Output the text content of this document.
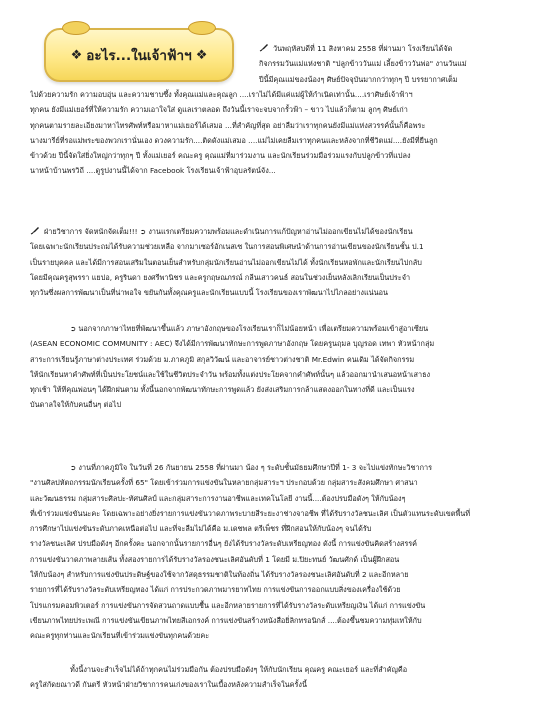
❖ อะไร...ในเจ้าฟ้าฯ ❖	วันพฤหัสบดีที่ 11 สิงหาคม 2558 ที่ผ่านมา โรงเรียนได้จัด
กิจกรรมวันแม่แห่งชาติ "ปลูกข้าววันแม่ เลี้ยงข้าววันพ่อ" งานวันแม่
ปีนี้มีคุณแม่ของน้องๆ ศิษย์ปัจจุบันมากกว่าทุกๆ ปี บรรยากาศเต็ม
ไปด้วยความรัก ความอบอุ่น และความชาบซึ้ง ทั้งคุณแม่และคุณลูก ....เราไม่ได้มีแค่แม่ผู้ให้กำเนิดเท่านั้น....เราศิษย์เจ้าฟ้าฯ
ทุกคน ยังมีแม่เยอร์ที่ให้ความรัก ความเอาใจใส่ ดูแลเราตลอด ถึงวันนี้เราจะจบจากรั้วฟ้า – ขาว ไปแล้วก็ตาม ลูกๆ ศิษย์เก่า
ทุกคนตามรายละเอียงมาหาไทรศัพท์หรือมาหาแม่เยอร์ได้เสมอ ...ที่สำคัญที่สุด อย่าลืมว่าเราทุกคนยังมีแม่แห่งสวรรค์นั้นก็คือพระ
นางมารีย์ที่รอแม่พระของพวกเรานั่นเอง ดวงความรัก....ติดดังแม่เสมอ ....แม่ไม่เคยลืมเราทุกคนและหลังจากที่ชีวิตแม่....ยังมีที่ยืนลูก
ข้าวด้วย ปีนี้จัดใส่ยิ่งใหญ่กว่าทุกๆ ปี ทั้งแม่เยอร์ คณะครู คุณแม่ที่มาร่วมงาน และนักเรียนร่วมมือร่วมแรงกับปลูกข้าวที่แปลง
นาหน้าบ้านพรวิถี ....ดูรูปงานนี้ได้จาก Facebook โรงเรียนเจ้าฟ้าอุบลรัตน์จัง...
ฝ่ายวิชาการ จัดหนักจัดเต็ม!!! ➲ งานแรกเตรียมความพร้อมและดำเนินการแก้ปัญหาอ่านไม่ออกเขียนไม่ได้ของนักเรียน
โดยเฉพาะนักเรียนประถมได้รับความช่วยเหลือ จากมาเซอร์อักเนสเซ ในการสอนพิเศษนำด้านการอ่านเขียนของนักเรียนชั้น ป.1
เป็นรายบุคคล และได้มีการสอนเสริมในตอนเย็นสำหรับกลุ่มนักเรียนอ่านไม่ออกเขียนไม่ได้ ทั้งนักเรียนหอพักและนักเรียนไปกลับ
โดยมีคุณครูสุพรรา แยปอ, ครูรินดา ยงศรีพานิชร และครูกฤษณภรณ์ กลีนเสาวคนธ์ สอนในช่วงเย็นหลังเลิกเรียนเป็นประจำ
ทุกวันซึ่งผลการพัฒนาเป็นที่น่าพอใจ ขยันกันทั้งคุณครูและนักเรียนแบบนี้ โรงเรียนของเราพัฒนาไปไกลอย่างแน่นอน
➲ นอกจากภาษาไทยที่พัฒนาขึ้นแล้ว ภาษาอังกฤษของโรงเรียนเราก็ไม่น้อยหน้า เพื่อเตรียมความพร้อมเข้าสู่อาเซียน
(ASEAN ECONOMIC COMMUNITY : AEC) จึงได้มีการพัฒนาทักษะการพูดภาษาอังกฤษ โดยครูนฤมล บุญรอด เทพา หัวหน้ากลุ่ม
สาระการเรียนรู้ภาษาต่างประเทศ ร่วมด้วย ม.ภาคภูมิ สกุลวิวัฒน์ และอาจารย์ชาวต่างชาติ Mr.Edwin คนเดิม ได้จัดกิจกรรม
ให้นักเรียนหาคำศัพท์ที่เป็นประโยชน์และใช้ในชีวิตประจำวัน พร้อมทั้งแต่งประโยคจากคำศัพท์นั้นๆ แล้วออกมานำเสนอหน้าเสาธง
ทุกเช้า ให้ทีคุณพ่อนๆ ได้ฝึกฝนตาม ทั้งนี้นอกจากพัฒนาทักษะการพูดแล้ว ยังส่งเสริมการกล้าแสดงออกในทางที่ดี และเป็นแรง
บันดาลใจให้กับคนอื่นๆ ต่อไป
➲ งานที่ภาคภูมิใจ ในวันที่ 26 กันยายน 2558 ที่ผ่านมา น้อง ๆ ระดับชั้นมัธยมศึกษาปีที่ 1- 3 จะไปแข่งทักษะวิชาการ
"งานศิลปหัตถกรรมนักเรียนครั้งที่ 65" โดยเข้าร่วมการแข่งขันในหลายกลุ่มสาระฯ ประกอบด้วย กลุ่มสาระสังคมศึกษา ศาสนา
และวัฒนธรรม กลุ่มสาระศิลปะ-ทัศนศิลป์ และกลุ่มสาระการงานอาชีพและเทคโนโลยี งานนี้....ต้องปรบมือดังๆ ให้กับน้องๆ
ที่เข้าร่วมแข่งขันนะคะ โดยเฉพาะอย่างยิ่งรายการแข่งขันวาดภาพระบายสีระยะงาช่างจาอชีพ ที่ได้รับรางวัลชนะเลิศ เป็นตัวแทนระดับเขตพื้นที่
การศึกษาไปแข่งขันระดับภาคเหนือต่อไป และที่จะลืมไม่ได้คือ ม.เดชพล ตรีเพ็ชร ที่ฝึกสอนให้กับน้องๆ จนได้รับ
รางวัลชนะเลิศ ปรบมือดังๆ อีกครั้งคะ นอกจากนั้นรายการอื่นๆ ยังได้รับรางวัลระดับเหรียญทอง ดังนี้ การแข่งขันคิดสร้างสรรค์
การแข่งขันวาดภาพลายเส้น ทั้งสองรายการได้รับรางวัลรองชนะเลิศอันดับที่ 1 โดยมี ม.ปิยะทนย์ วัฒนศักด์ เป็นผู้ฝึกสอน
ให้กับน้องๆ สำหรับการแข่งขันประดิษฐ์ของใช้จากวัสดุธรรมชาติในท้องถิ่น ได้รับรางวัลรองชนะเลิศอันดับที่ 2 และอีกหลาย
รายการที่ได้รับรางวัลระดับเหรียญทอง ได้แก่ การประกวดภาพมารยาทไทย การแข่งขันการออกแบบสิ่งของเครื่องใช้ด้วย
โปรแกรมคอมพิวเตอร์ การแข่งขันการจัดสวนถาดแบบชื้น และอีกหลายรายการที่ได้รับรางวัลระดับเหรียญเงิน ได้แก่ การแข่งขัน
เขียนภาพไทยประเพณี การแข่งขันเขียนภาพไทยสีเอกรงค์ การแข่งขันสร้างหนังสือยิ่ลิกทรอนิกส์ ....ต้องขึ้นชมความทุ่มเทให้กับ
คณะครูทุกท่านและนักเรียนที่เข้าร่วมแข่งขันทุกคนด้วยคะ
ทั้งนี้งานจะสำเร็จไม่ได้ถ้าทุกคนไม่ร่วมมือกัน ต้องปรบมือดังๆ ให้กับนักเรียน คุณครู คณะเยอร์ และที่สำคัญคือ
ครูใส่กัดยณาวดี กันตรี หัวหน้าฝ่ายวิชาการคนเก่งของเราในเบื้องหลังความสำเร็จในครั้งนี้
